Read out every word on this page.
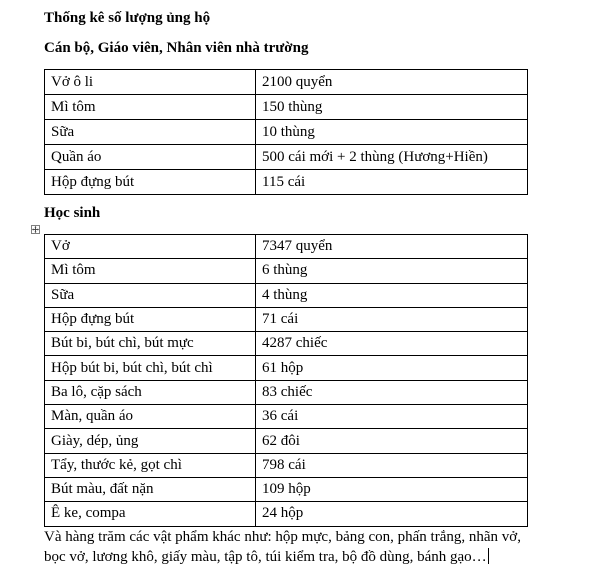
Thống kê số lượng ủng hộ
Cán bộ, Giáo viên, Nhân viên nhà trường
Vở ô li	2100 quyển
Mì tôm	150 thùng
Sữa	10 thùng
Quần áo	500 cái mới + 2 thùng (Hương+Hiền)
Hộp đựng bút	115 cái
Học sinh
Vở	7347 quyển
Mì tôm	6 thùng
Sữa	4 thùng
Hộp đựng bút	71 cái
Bút bi, bút chì, bút mực	4287 chiếc
Hộp bút bi, bút chì, bút chì	61 hộp
Ba lô, cặp sách	83 chiếc
Màn, quần áo	36 cái
Giày, dép, ủng	62 đôi
Tẩy, thước kẻ, gọt chì	798 cái
Bút màu, đất nặn	109 hộp
Ê ke, compa	24 hộp
Và hàng trăm các vật phẩm khác như: hộp mực, bảng con, phấn trắng, nhãn vở,
bọc vở, lương khô, giấy màu, tập tô, túi kiểm tra, bộ đồ dùng, bánh gạo…
